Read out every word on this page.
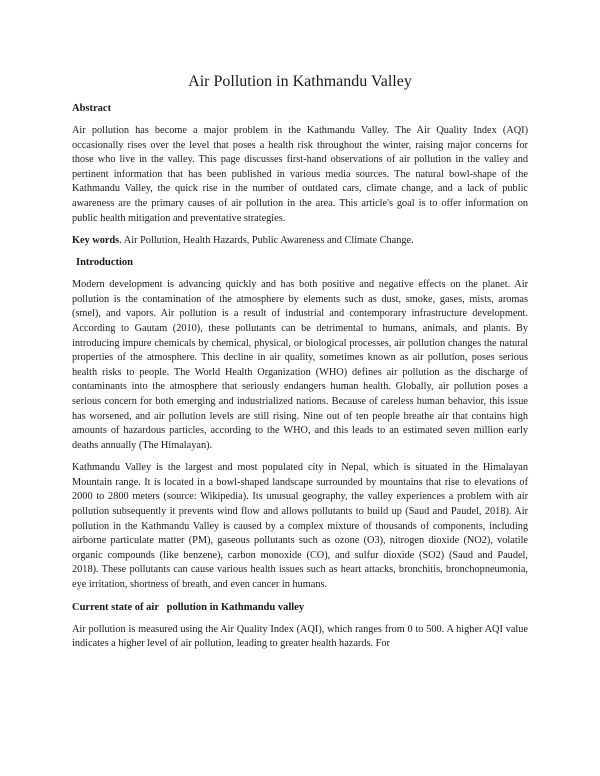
Air Pollution in Kathmandu Valley
Abstract

Air pollution has become a major problem in the Kathmandu Valley. The Air Quality Index (AQI) occasionally rises over the level that poses a health risk throughout the winter, raising major concerns for those who live in the valley. This page discusses first-hand observations of air pollution in the valley and pertinent information that has been published in various media sources. The natural bowl-shape of the Kathmandu Valley, the quick rise in the number of outdated cars, climate change, and a lack of public awareness are the primary causes of air pollution in the area. This article's goal is to offer information on public health mitigation and preventative strategies.

Key words. Air Pollution, Health Hazards, Public Awareness and Climate Change.

Introduction

Modern development is advancing quickly and has both positive and negative effects on the planet. Air pollution is the contamination of the atmosphere by elements such as dust, smoke, gases, mists, aromas (smel), and vapors. Air pollution is a result of industrial and contemporary infrastructure development. According to Gautam (2010), these pollutants can be detrimental to humans, animals, and plants. By introducing impure chemicals by chemical, physical, or biological processes, air pollution changes the natural properties of the atmosphere. This decline in air quality, sometimes known as air pollution, poses serious health risks to people. The World Health Organization (WHO) defines air pollution as the discharge of contaminants into the atmosphere that seriously endangers human health. Globally, air pollution poses a serious concern for both emerging and industrialized nations. Because of careless human behavior, this issue has worsened, and air pollution levels are still rising. Nine out of ten people breathe air that contains high amounts of hazardous particles, according to the WHO, and this leads to an estimated seven million early deaths annually (The Himalayan).

Kathmandu Valley is the largest and most populated city in Nepal, which is situated in the Himalayan Mountain range. It is located in a bowl-shaped landscape surrounded by mountains that rise to elevations of 2000 to 2800 meters (source: Wikipedia). Its unusual geography, the valley experiences a problem with air pollution subsequently it prevents wind flow and allows pollutants to build up (Saud and Paudel, 2018). Air pollution in the Kathmandu Valley is caused by a complex mixture of thousands of components, including airborne particulate matter (PM), gaseous pollutants such as ozone (O3), nitrogen dioxide (NO2), volatile organic compounds (like benzene), carbon monoxide (CO), and sulfur dioxide (SO2) (Saud and Paudel, 2018). These pollutants can cause various health issues such as heart attacks, bronchitis, bronchopneumonia, eye irritation, shortness of breath, and even cancer in humans.

Current state of air   pollution in Kathmandu valley

Air pollution is measured using the Air Quality Index (AQI), which ranges from 0 to 500. A higher AQI value indicates a higher level of air pollution, leading to greater health hazards. For
